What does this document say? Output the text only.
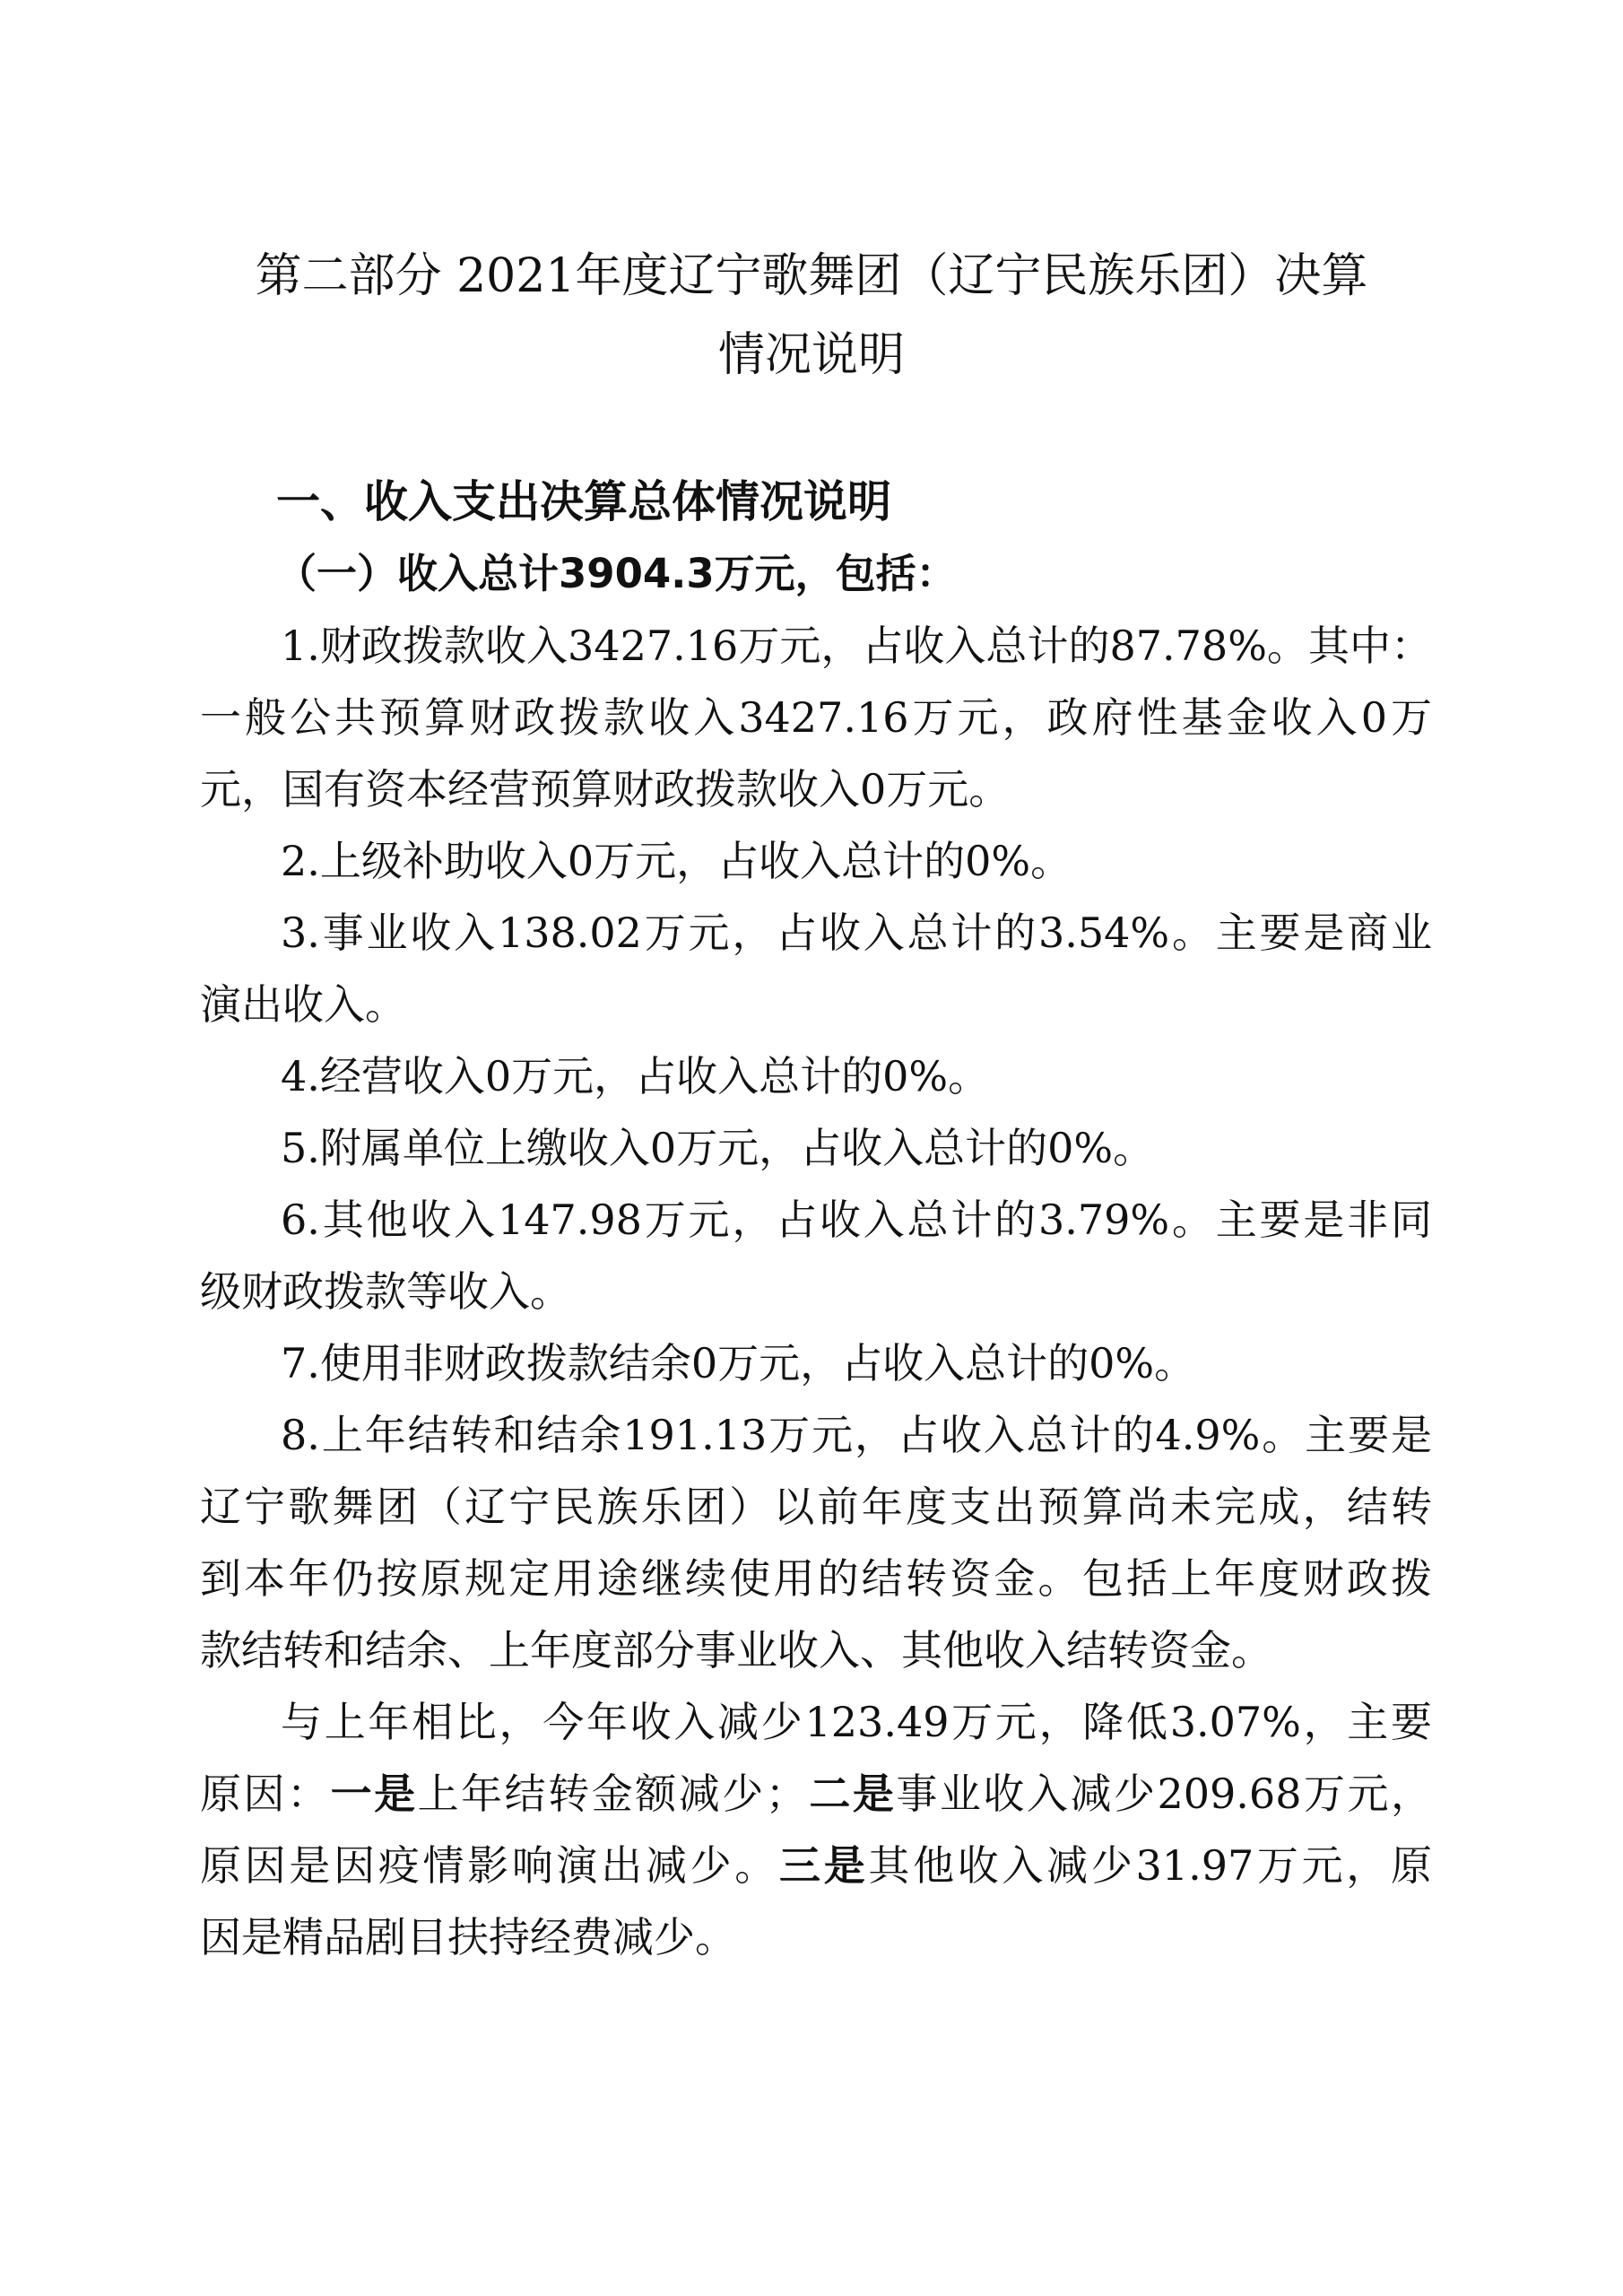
第二部分 2021年度辽宁歌舞团（辽宁民族乐团）决算
情况说明
一、收入支出决算总体情况说明
（一）收入总计3904.3万元，包括：

1.财政拨款收入3427.16万元，占收入总计的87.78%。其中：

一般公共预算财政拨款收入3427.16万元，政府性基金收入0万

元，国有资本经营预算财政拨款收入0万元。

2.上级补助收入0万元，占收入总计的0%。

3.事业收入138.02万元，占收入总计的3.54%。主要是商业

演出收入。

4.经营收入0万元，占收入总计的0%。

5.附属单位上缴收入0万元，占收入总计的0%。

6.其他收入147.98万元，占收入总计的3.79%。主要是非同

级财政拨款等收入。

7.使用非财政拨款结余0万元，占收入总计的0%。

8.上年结转和结余191.13万元，占收入总计的4.9%。主要是

辽宁歌舞团（辽宁民族乐团）以前年度支出预算尚未完成，结转

到本年仍按原规定用途继续使用的结转资金。包括上年度财政拨

款结转和结余、上年度部分事业收入、其他收入结转资金。

与上年相比，今年收入减少123.49万元，降低3.07%，主要

原因：一是上年结转金额减少；二是事业收入减少209.68万元，

原因是因疫情影响演出减少。三是其他收入减少31.97万元，原

因是精品剧目扶持经费减少。
